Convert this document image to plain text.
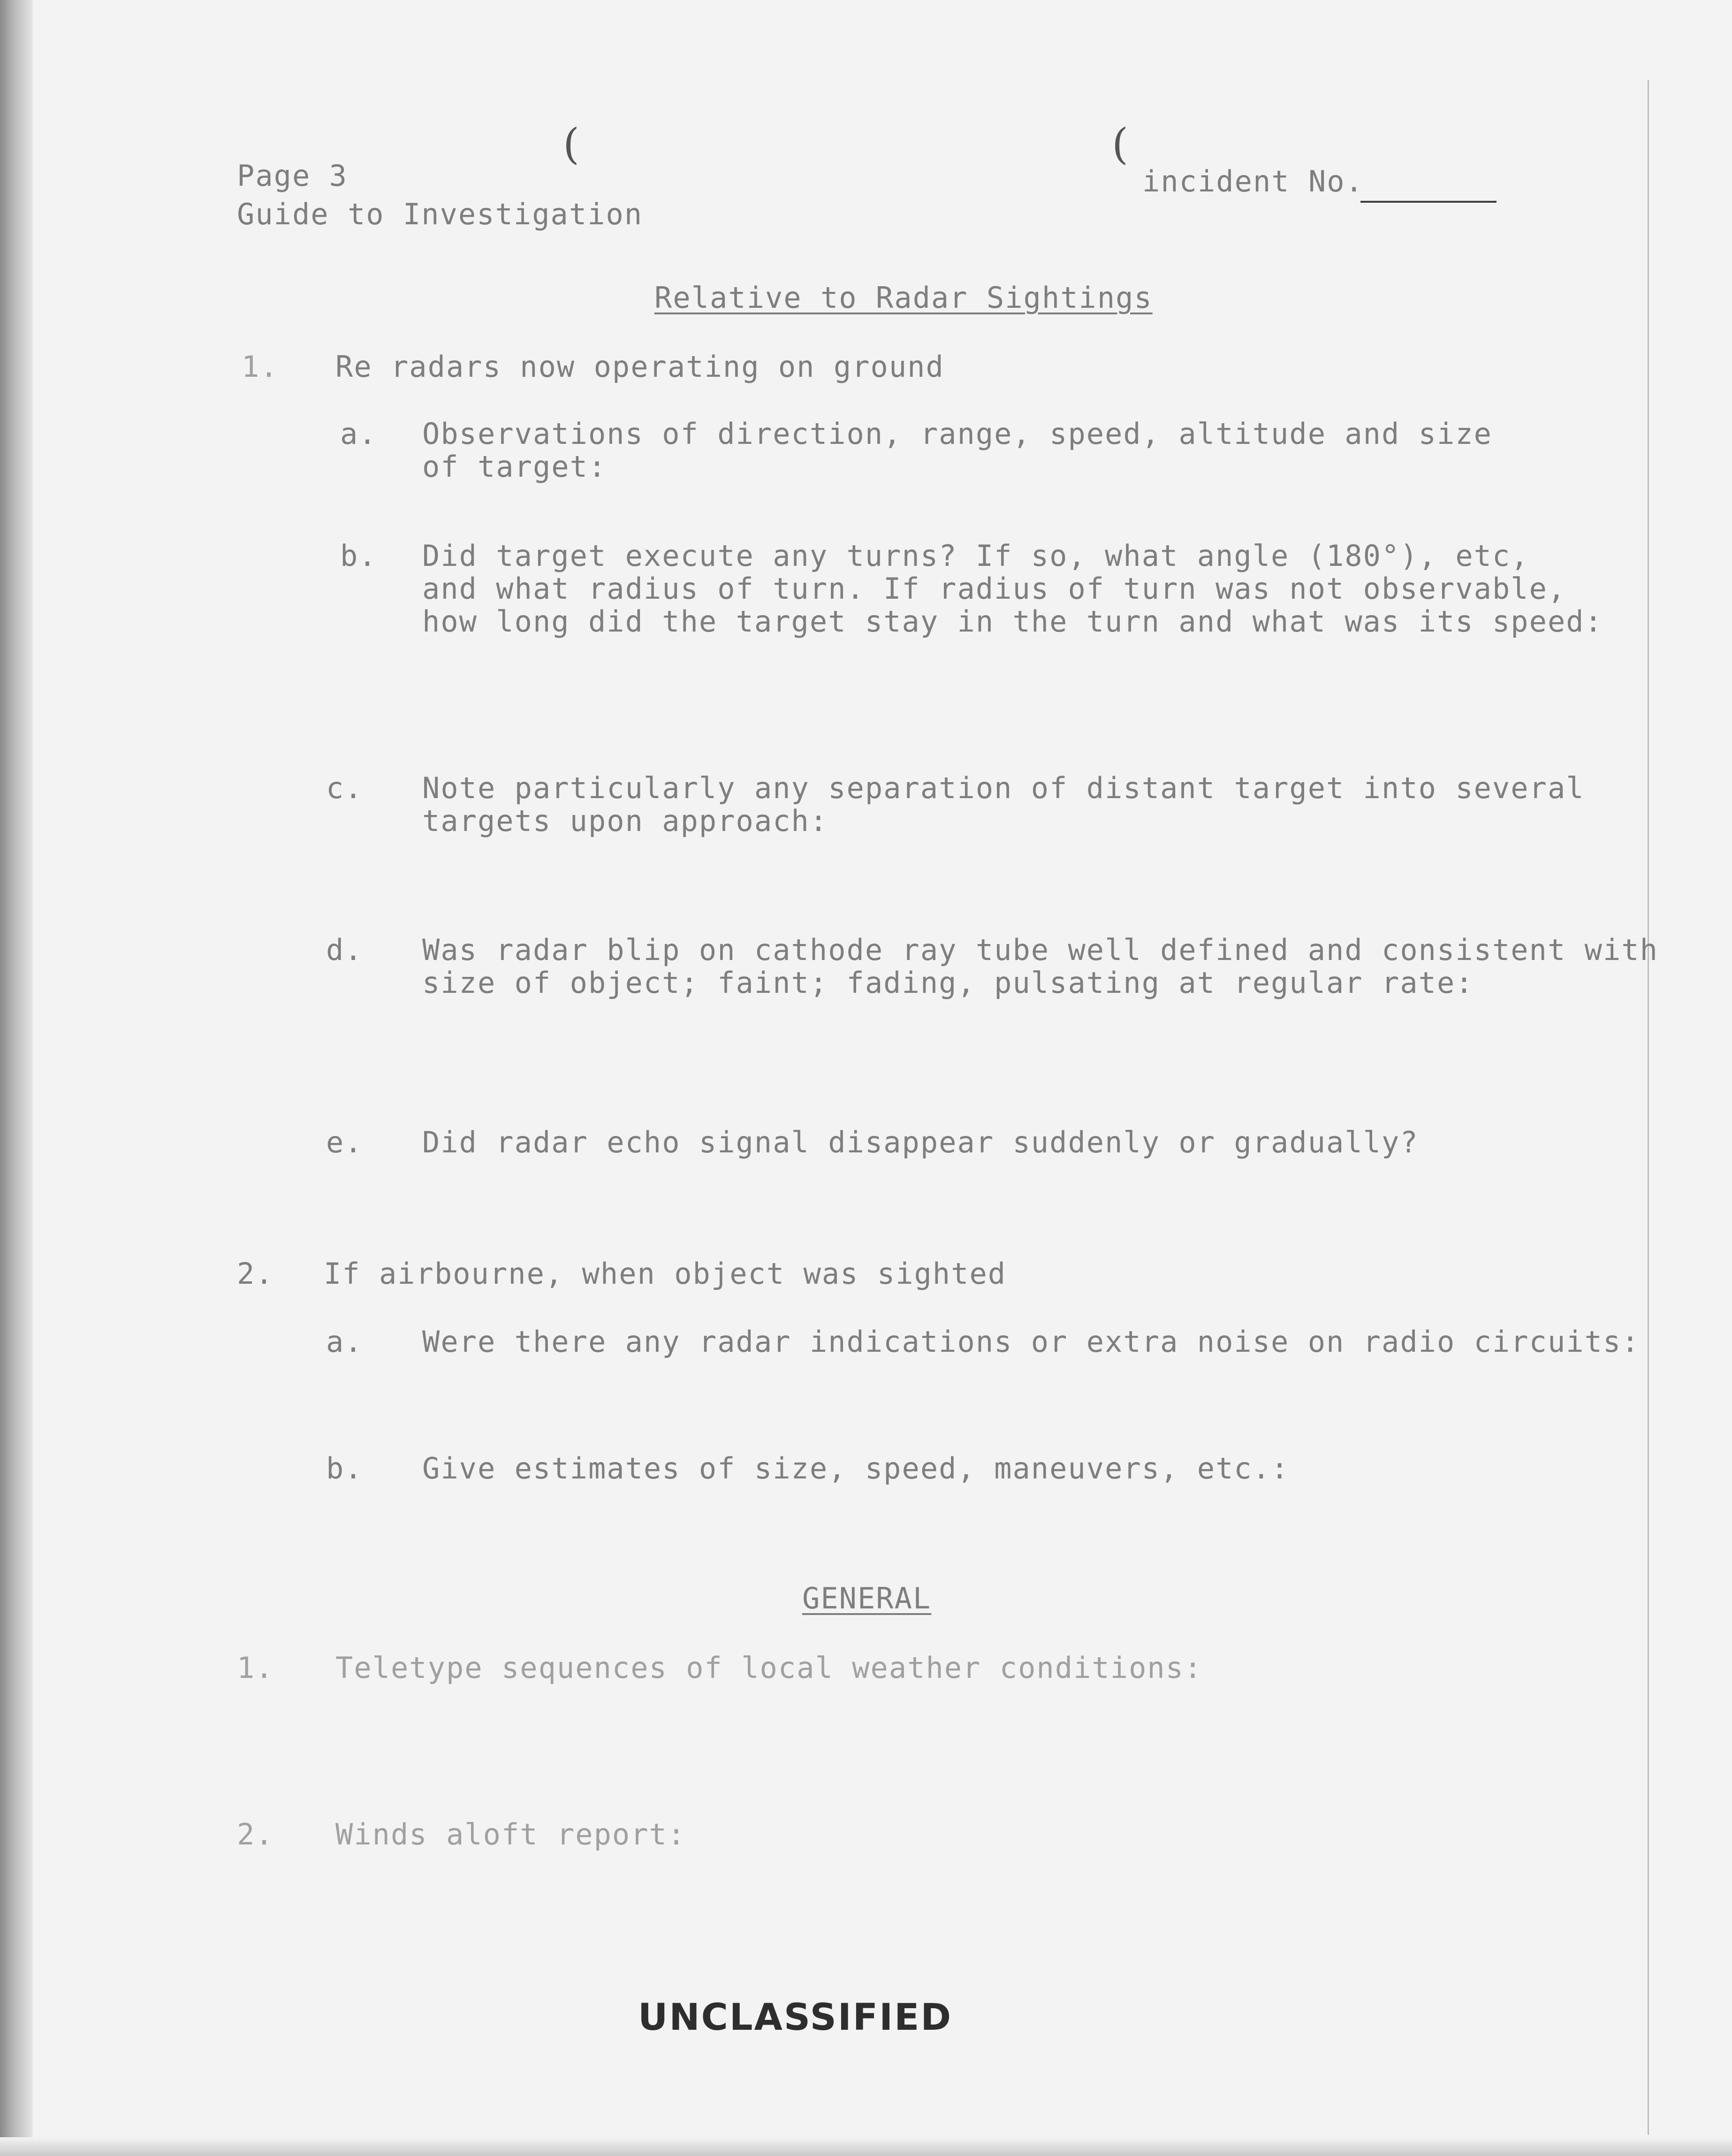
(	(
Page 3
Guide to Investigation
incident No.
Relative to Radar Sightings
1. Re radars now operating on ground
a. Observations of direction, range, speed, altitude and size
of target:
b. Did target execute any turns? If so, what angle (180°), etc,
and what radius of turn. If radius of turn was not observable,
how long did the target stay in the turn and what was its speed:
c. Note particularly any separation of distant target into several
targets upon approach:
d. Was radar blip on cathode ray tube well defined and consistent with
size of object; faint; fading, pulsating at regular rate:
e. Did radar echo signal disappear suddenly or gradually?
2. If airbourne, when object was sighted
a. Were there any radar indications or extra noise on radio circuits:
b. Give estimates of size, speed, maneuvers, etc.:
GENERAL
1. Teletype sequences of local weather conditions:
2. Winds aloft report:
UNCLASSIFIED
